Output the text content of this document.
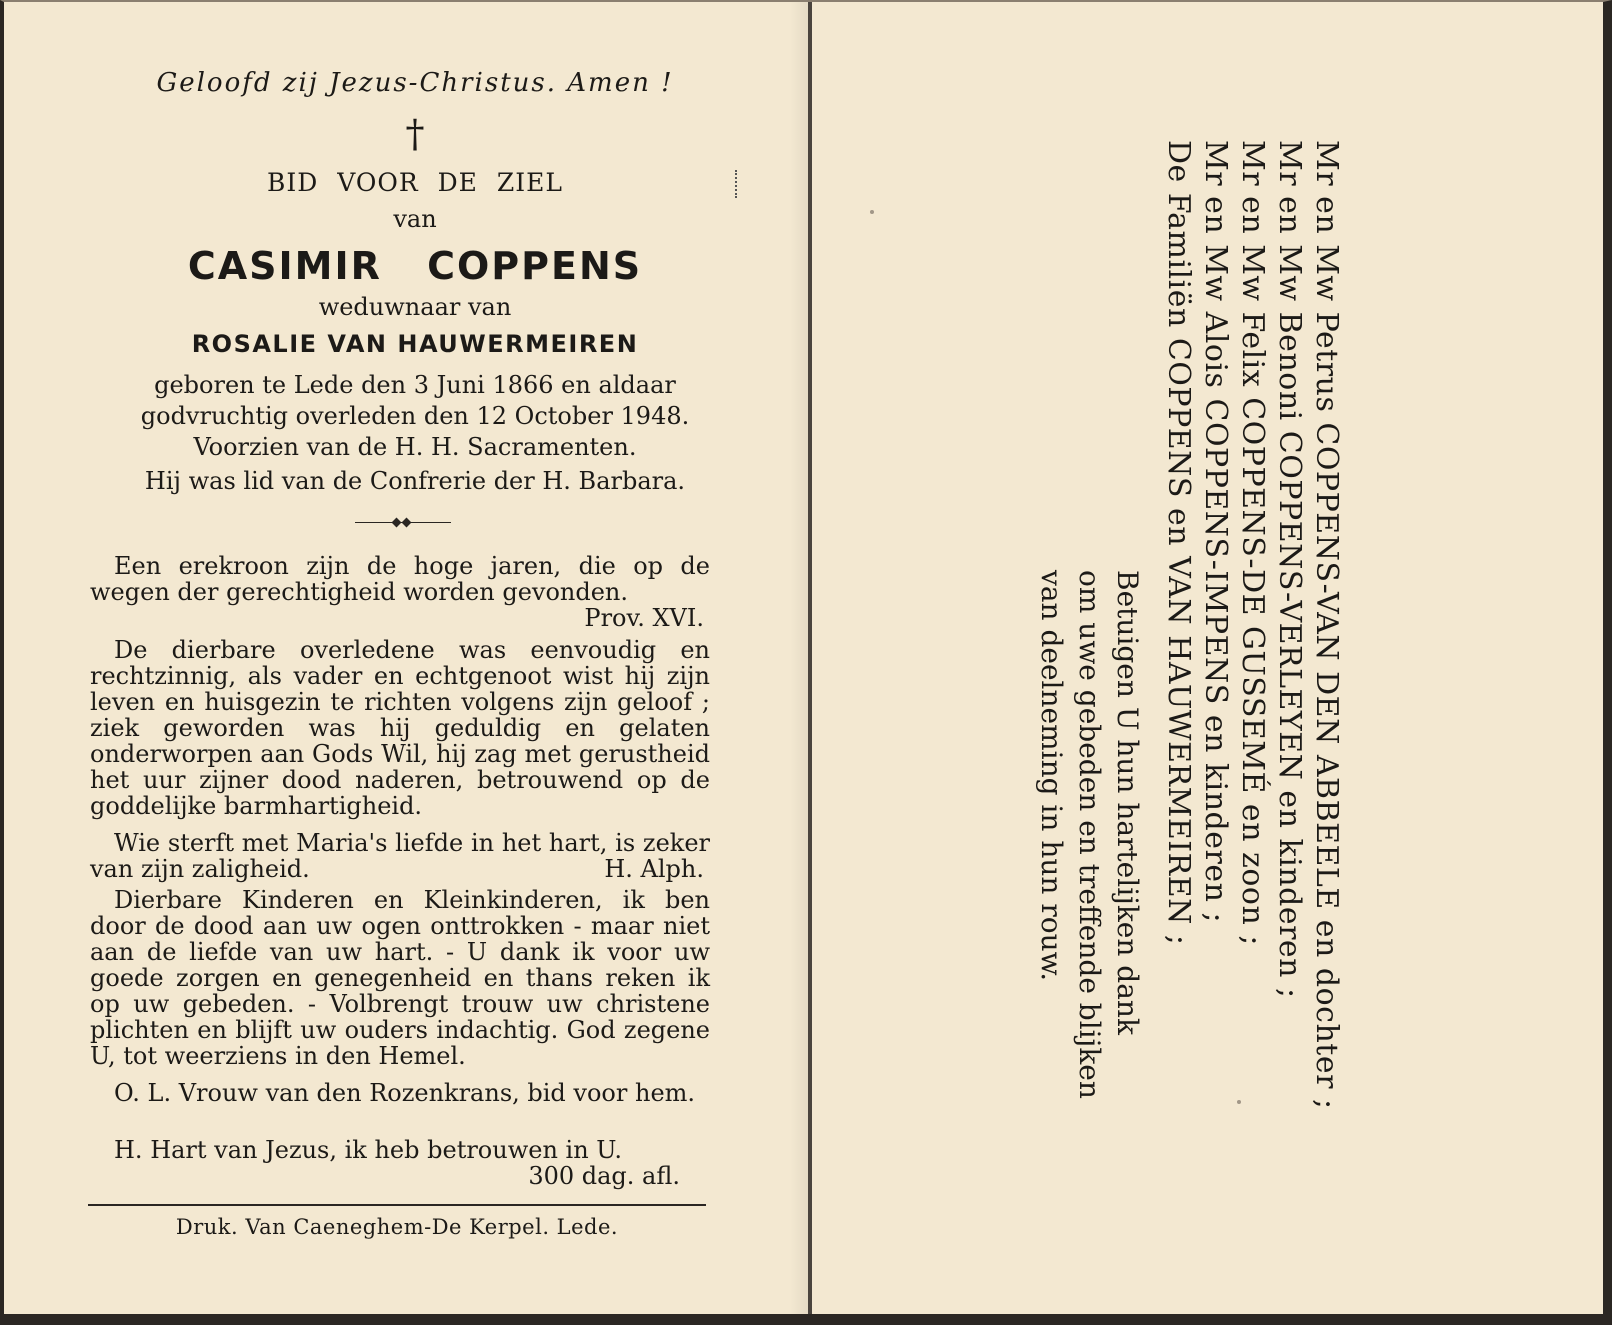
Geloofd zij Jezus-Christus. Amen !
†
BID VOOR DE ZIEL
van
CASIMIR COPPENS
weduwnaar van
ROSALIE VAN HAUWERMEIREN
geboren te Lede den 3 Juni 1866 en aldaar
godvruchtig overleden den 12 October 1948.
Voorzien van de H. H. Sacramenten.
Hij was lid van de Confrerie der H. Barbara.
Een erekroon zijn de hoge jaren, die op de wegen der gerechtigheid worden gevonden.
Prov. XVI.
De dierbare overledene was eenvoudig en rechtzinnig, als vader en echtgenoot wist hij zijn leven en huisgezin te richten volgens zijn geloof ; ziek geworden was hij geduldig en gelaten onderworpen aan Gods Wil, hij zag met gerustheid het uur zijner dood naderen, betrouwend op de goddelijke barmhartigheid.
Wie sterft met Maria's liefde in het hart, is zeker van zijn zaligheid.	H. Alph.
Dierbare Kinderen en Kleinkinderen, ik ben door de dood aan uw ogen onttrokken - maar niet aan de liefde van uw hart. - U dank ik voor uw goede zorgen en genegenheid en thans reken ik op uw gebeden. - Volbrengt trouw uw christene plichten en blijft uw ouders indachtig. God zegene U, tot weerziens in den Hemel.
O. L. Vrouw van den Rozenkrans, bid voor hem.
H. Hart van Jezus, ik heb betrouwen in U.
300 dag. afl.
Druk. Van Caeneghem-De Kerpel. Lede.
Mr en Mw Petrus COPPENS-VAN DEN ABBEELE en dochter ;
Mr en Mw Benoni COPPENS-VERLEYEN en kinderen ;
Mr en Mw Felix COPPENS-DE GUSSEMÉ en zoon ;
Mr en Mw Alois COPPENS-IMPENS en kinderen ;
De Familiën COPPENS en VAN HAUWERMEIREN ;
Betuigen U hun hartelijken dank
om uwe gebeden en treffende blijken
van deelneming in hun rouw.
